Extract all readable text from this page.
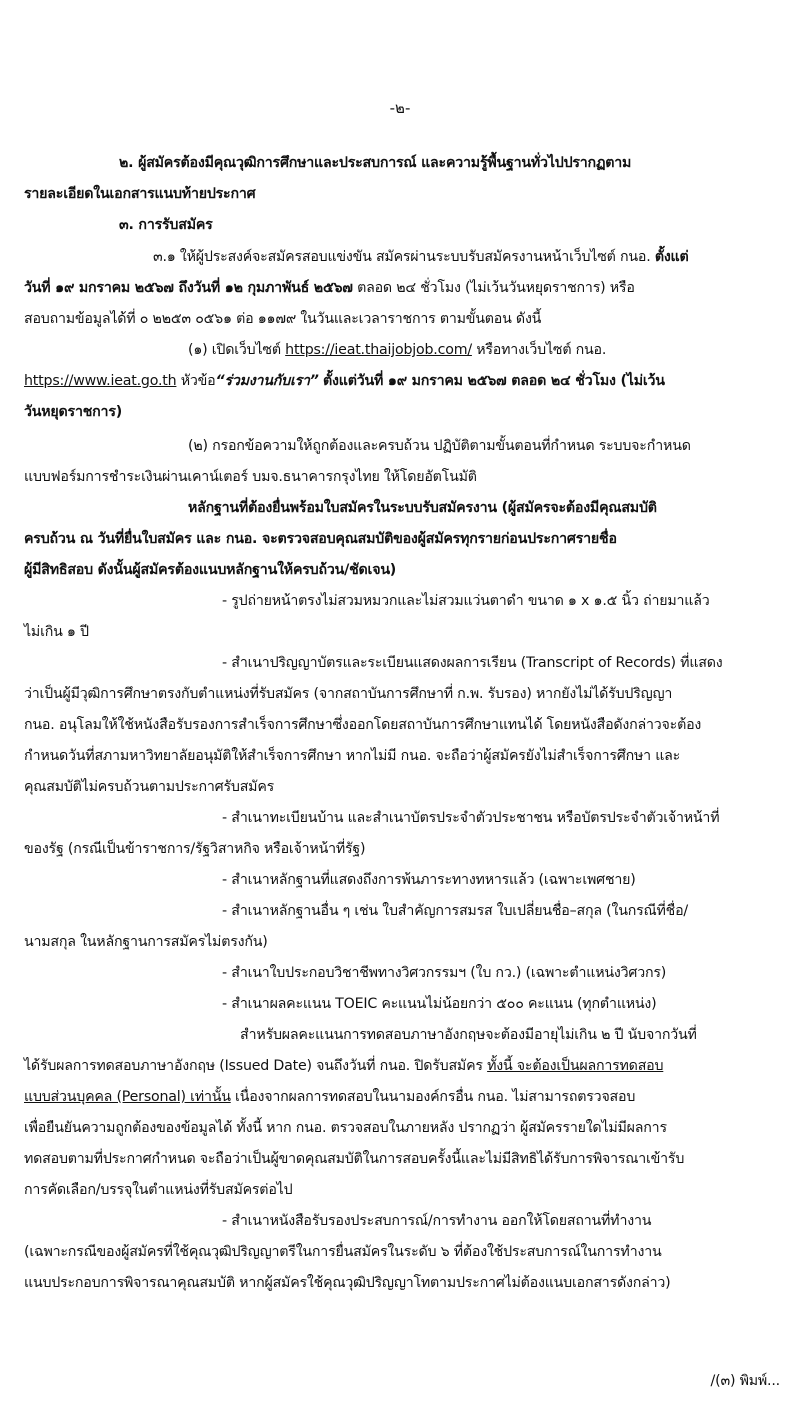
-๒-
๒. ผู้สมัครต้องมีคุณวุฒิการศึกษาและประสบการณ์ และความรู้พื้นฐานทั่วไปปรากฏตาม
รายละเอียดในเอกสารแนบท้ายประกาศ
๓. การรับสมัคร
๓.๑ ให้ผู้ประสงค์จะสมัครสอบแข่งขัน สมัครผ่านระบบรับสมัครงานหน้าเว็บไซต์ กนอ. ตั้งแต่
วันที่ ๑๙ มกราคม ๒๕๖๗ ถึงวันที่ ๑๒ กุมภาพันธ์ ๒๕๖๗ ตลอด ๒๔ ชั่วโมง (ไม่เว้นวันหยุดราชการ) หรือ
สอบถามข้อมูลได้ที่ ๐ ๒๒๕๓ ๐๕๖๑ ต่อ ๑๑๗๙ ในวันและเวลาราชการ ตามขั้นตอน ดังนี้
(๑) เปิดเว็บไซต์ https://ieat.thaijobjob.com/ หรือทางเว็บไซต์ กนอ.
https://www.ieat.go.th หัวข้อ“ร่วมงานกับเรา” ตั้งแต่วันที่ ๑๙ มกราคม ๒๕๖๗ ตลอด ๒๔ ชั่วโมง (ไม่เว้น
วันหยุดราชการ)
(๒) กรอกข้อความให้ถูกต้องและครบถ้วน ปฏิบัติตามขั้นตอนที่กำหนด ระบบจะกำหนด
แบบฟอร์มการชำระเงินผ่านเคาน์เตอร์ บมจ.ธนาคารกรุงไทย ให้โดยอัตโนมัติ
หลักฐานที่ต้องยื่นพร้อมใบสมัครในระบบรับสมัครงาน (ผู้สมัครจะต้องมีคุณสมบัติ
ครบถ้วน ณ วันที่ยื่นใบสมัคร และ กนอ. จะตรวจสอบคุณสมบัติของผู้สมัครทุกรายก่อนประกาศรายชื่อ
ผู้มีสิทธิสอบ ดังนั้นผู้สมัครต้องแนบหลักฐานให้ครบถ้วน/ชัดเจน)
- รูปถ่ายหน้าตรงไม่สวมหมวกและไม่สวมแว่นตาดำ ขนาด ๑ x ๑.๕ นิ้ว ถ่ายมาแล้ว
ไม่เกิน ๑ ปี
- สำเนาปริญญาบัตรและระเบียนแสดงผลการเรียน (Transcript of Records) ที่แสดง
ว่าเป็นผู้มีวุฒิการศึกษาตรงกับตำแหน่งที่รับสมัคร (จากสถาบันการศึกษาที่ ก.พ. รับรอง) หากยังไม่ได้รับปริญญา
กนอ. อนุโลมให้ใช้หนังสือรับรองการสำเร็จการศึกษาซึ่งออกโดยสถาบันการศึกษาแทนได้ โดยหนังสือดังกล่าวจะต้อง
กำหนดวันที่สภามหาวิทยาลัยอนุมัติให้สำเร็จการศึกษา หากไม่มี กนอ. จะถือว่าผู้สมัครยังไม่สำเร็จการศึกษา และ
คุณสมบัติไม่ครบถ้วนตามประกาศรับสมัคร
- สำเนาทะเบียนบ้าน และสำเนาบัตรประจำตัวประชาชน หรือบัตรประจำตัวเจ้าหน้าที่
ของรัฐ (กรณีเป็นข้าราชการ/รัฐวิสาหกิจ หรือเจ้าหน้าที่รัฐ)
- สำเนาหลักฐานที่แสดงถึงการพ้นภาระทางทหารแล้ว (เฉพาะเพศชาย)
- สำเนาหลักฐานอื่น ๆ เช่น ใบสำคัญการสมรส ใบเปลี่ยนชื่อ–สกุล (ในกรณีที่ชื่อ/
นามสกุล ในหลักฐานการสมัครไม่ตรงกัน)
- สำเนาใบประกอบวิชาชีพทางวิศวกรรมฯ (ใบ กว.) (เฉพาะตำแหน่งวิศวกร)
- สำเนาผลคะแนน TOEIC คะแนนไม่น้อยกว่า ๕๐๐ คะแนน (ทุกตำแหน่ง)
สำหรับผลคะแนนการทดสอบภาษาอังกฤษจะต้องมีอายุไม่เกิน ๒ ปี นับจากวันที่
ได้รับผลการทดสอบภาษาอังกฤษ (Issued Date) จนถึงวันที่ กนอ. ปิดรับสมัคร ทั้งนี้ จะต้องเป็นผลการทดสอบ
แบบส่วนบุคคล (Personal) เท่านั้น เนื่องจากผลการทดสอบในนามองค์กรอื่น กนอ. ไม่สามารถตรวจสอบ
เพื่อยืนยันความถูกต้องของข้อมูลได้ ทั้งนี้ หาก กนอ. ตรวจสอบในภายหลัง ปรากฏว่า ผู้สมัครรายใดไม่มีผลการ
ทดสอบตามที่ประกาศกำหนด จะถือว่าเป็นผู้ขาดคุณสมบัติในการสอบครั้งนี้และไม่มีสิทธิได้รับการพิจารณาเข้ารับ
การคัดเลือก/บรรจุในตำแหน่งที่รับสมัครต่อไป
- สำเนาหนังสือรับรองประสบการณ์/การทำงาน ออกให้โดยสถานที่ทำงาน
(เฉพาะกรณีของผู้สมัครที่ใช้คุณวุฒิปริญญาตรีในการยื่นสมัครในระดับ ๖ ที่ต้องใช้ประสบการณ์ในการทำงาน
แนบประกอบการพิจารณาคุณสมบัติ หากผู้สมัครใช้คุณวุฒิปริญญาโทตามประกาศไม่ต้องแนบเอกสารดังกล่าว)
/(๓) พิมพ์...
